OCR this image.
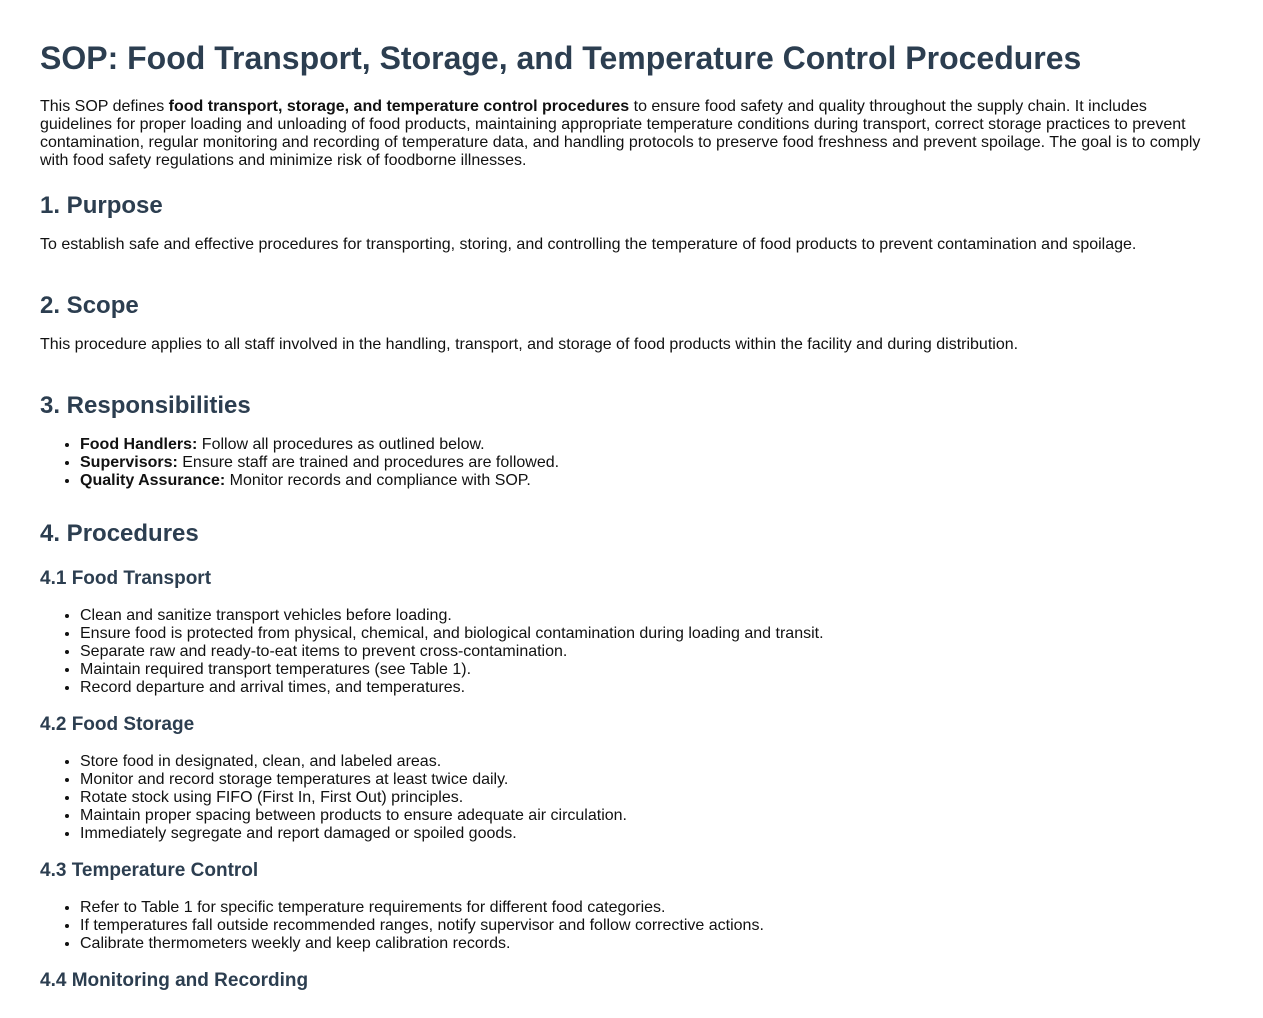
SOP: Food Transport, Storage, and Temperature Control Procedures

This SOP defines food transport, storage, and temperature control procedures to ensure food safety and quality throughout the supply chain. It includes guidelines for proper loading and unloading of food products, maintaining appropriate temperature conditions during transport, correct storage practices to prevent contamination, regular monitoring and recording of temperature data, and handling protocols to preserve food freshness and prevent spoilage. The goal is to comply with food safety regulations and minimize risk of foodborne illnesses.

1. Purpose

To establish safe and effective procedures for transporting, storing, and controlling the temperature of food products to prevent contamination and spoilage.

2. Scope

This procedure applies to all staff involved in the handling, transport, and storage of food products within the facility and during distribution.

3. Responsibilities
• Food Handlers: Follow all procedures as outlined below.
• Supervisors: Ensure staff are trained and procedures are followed.
• Quality Assurance: Monitor records and compliance with SOP.
4. Procedures
4.1 Food Transport
• Clean and sanitize transport vehicles before loading.
• Ensure food is protected from physical, chemical, and biological contamination during loading and transit.
• Separate raw and ready-to-eat items to prevent cross-contamination.
• Maintain required transport temperatures (see Table 1).
• Record departure and arrival times, and temperatures.
4.2 Food Storage
• Store food in designated, clean, and labeled areas.
• Monitor and record storage temperatures at least twice daily.
• Rotate stock using FIFO (First In, First Out) principles.
• Maintain proper spacing between products to ensure adequate air circulation.
• Immediately segregate and report damaged or spoiled goods.
4.3 Temperature Control
• Refer to Table 1 for specific temperature requirements for different food categories.
• If temperatures fall outside recommended ranges, notify supervisor and follow corrective actions.
• Calibrate thermometers weekly and keep calibration records.
4.4 Monitoring and Recording
